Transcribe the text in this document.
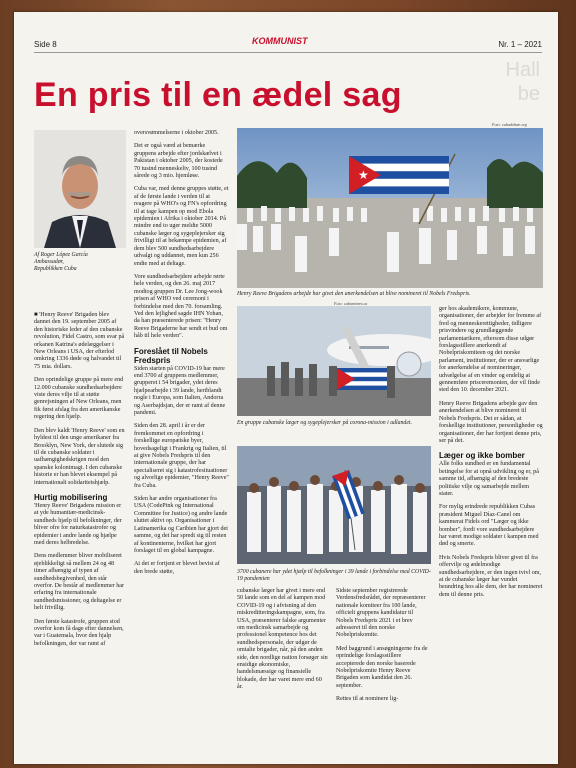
Side 8	KOMMUNIST	Nr. 1 – 2021
Hall
be
En pris til en ædel sag
Af Roger López García
Ambassadør,
Republikken Cuba

■ 'Henry Reeve' Brigaden blev dannet den 19. september 2005 af den historiske leder af den cubanske revolution, Fidel Castro, som svar på orkanen Katrina's ødelæggelser i New Orleans i USA, der efterlod omkring 1336 døde og halvandet til 75 mia. dollars.

Den oprindelige gruppe på mere end 12.000 cubanske sundhedsarbejdere viste deres vilje til at støtte genrejsningen af New Orleans, men fik først afslag fra den amerikanske regering den hjælp.

Den blev kaldt 'Henry Reeve' som en hyldest til den unge amerikaner fra Brooklyn, New York, der slutede sig til de cubanske soldater i uafhængighedskrigen mod den spanske kolonimagt. I den cubanske historie er han blevet eksempel på internationalt solidaritetshjælp.

Hurtig mobilisering

'Henry Reeve' Brigadens mission er at yde humanitær-medicinsk-sundheds hjælp til befolkninger, der bliver ofre for naturkatastrofer og epidemier i andre lande og hjælpe med deres helbredelse.

Dens medlemmer bliver mobiliseret øjeblikkeligt så mellem 24 og 48 timer afhængig af typen af sundhedsbegivenhed, den står overfor. De består af medlemmer har erfaring fra internationale sundhedsmissioner, og deltagelse er helt frivillig.

Den første katastrofe, gruppen stod overfor kom få dage efter dannelsen, var i Guatemala, hvor den hjalp befolkningen, der var ramt af

oversvømmelserne i oktober 2005.

Det er også værd at bemærke gruppens arbejde efter jordskælvet i Pakistan i oktober 2005, der kostede 70 tusind menneskeliv, 100 tusind sårede og 3 mio. hjemløse.

Cuba var, med denne gruppes støtte, et af de første lande i verden til at reagere på WHO's og FN's opfordring til at tage kampen op mod Ebola epidemien i Afrika i oktober 2014. På mindre end to uger meldte 5000 cubanske læger og sygeplejersker sig frivilligt til at bekæmpe epidemien, af dem blev 500 sundhedsarbejdere udvalgt og uddannet, men kun 256 endte med at deltage.

Vore sundhedsarbejdere arbejde rørte hele verden, og den 26. maj 2017 modtog gruppen Dr. Lee Jong-wook prisen af WHO ved ceremoni i forbindelse med den 70. forsamling. Ved den lejlighed sagde IHN Yohan, da han præsenterede prisen: "Henry Reeve Brigaderne har sendt et bud om håb til hele verden".

Foreslået til Nobels Fredspris

Siden starten på COVID-19 har mere end 3700 af gruppens medlemmer, grupperet i 54 brigader, ydet deres hjælpearbejde i 39 lande, heriblandt nogle i Europa, som Italien, Andorra og Aserbajdsjan, der er ramt af denne pandemi.

Siden den 28. april i år er der fremkommet en opfordring i forskellige europæiske byer, hovedsageligt i Frankrig og Italien, til at give Nobels Fredspris til den internationale gruppe, der har specialiseret sig i katastrofesituationer og alvorlige epidemier, "Henry Reeve" fra Cuba.

Siden har andre organisationer fra USA (CodePink og International Committee for Justice) og andre lande sluttet aktivt op. Organisationer i Latinamerika og Caribien har gjort det samme, og det har spredt sig til resten af kontinenterne, hvilket har gjort forslaget til en global kampagne.

At det er fortjent er blevet bevist af den brede støtte,

Foto: cubadebate.org
★
Henry Reeve Brigadens arbejde har givet den anerkendelsen at blive nomineret til Nobels Fredspris.
Foto: cubaminrex.cu
En gruppe cubanske læger og sygeplejersker på corona-mission i udlandet.
3700 cubanere har ydet hjælp til befolkninger i 39 lande i forbindelse med COVID-19 pandemien

cubanske læger har givet i mere end 50 lande som en del af kampen mod COVID-19 og i afvisning af den miskreditteringskampagne, som, fra USA, præsenterer falske argumenter om medicinsk samarbejde og professionel kompetence hos det sundhedspersonale, der udgør de omtalte brigader, når, på den anden side, den nordlige nation forsøger sin ensidige økonomiske, handelsmæssige og finansielle blokade, der har varet mere end 60 år.

Sidste september registrerede Verdensfredsrådet, der repræsenterer nationale komiteer fra 100 lande, officielt gruppens kandidatur til Nobels Fredspris 2021 i et brev adresseret til den norske Nobelpriskomite.

Med baggrund i ansøgningerne fra de oprindelige forslagsstillere accepterede den norske baserede Nobelpriskomite Henry Reeve Brigaden som kandidat den 26. september.

Rettes til at nominere lig-

ger hos akademikere, kommune, organisationer, der arbejder for fremme af fred og menneskerettigheder, tidligere prisvindere og grundlæggende parlamentarikere, eftersom disse udgør forslagsstillere anerkendt af Nobelpriskomiteen og det norske parlament, institutioner, der er ansvarlige for anerkendelse af nomineringer, udvælgelse af en vinder og endelig at gennemføre prisceremonien, der vil finde sted den 10. december 2021.

Henry Reeve Brigadens arbejde gav den anerkendelsen at blive nomineret til Nobels Fredspris. Det er sådan, at forskellige institutioner, personligheder og organisationer, der har fortjent denne pris, ser på det.

Læger og ikke bomber

Alle folks sundhed er en fundamental betingelse for at opnå udvikling og er, på samme tid, afhængig af den bredeste politiske vilje og samarbejde mellem stater.

For mylig erindrede republikken Cubas præsident Miguel Díaz-Canel om kammerat Fidels ord "Læger og ikke bomber", fordi vore sundhedsarbejdere har været modige soldater i kampen med død og smerte.

Hvis Nobels Fredspris bliver givet til fra offervilje og ædelmodige sundhedsarbejdere, er den ingen tvivl om, at de cubanske læger har vundet beundring hos alle dem, der har nomineret dem til denne pris.
